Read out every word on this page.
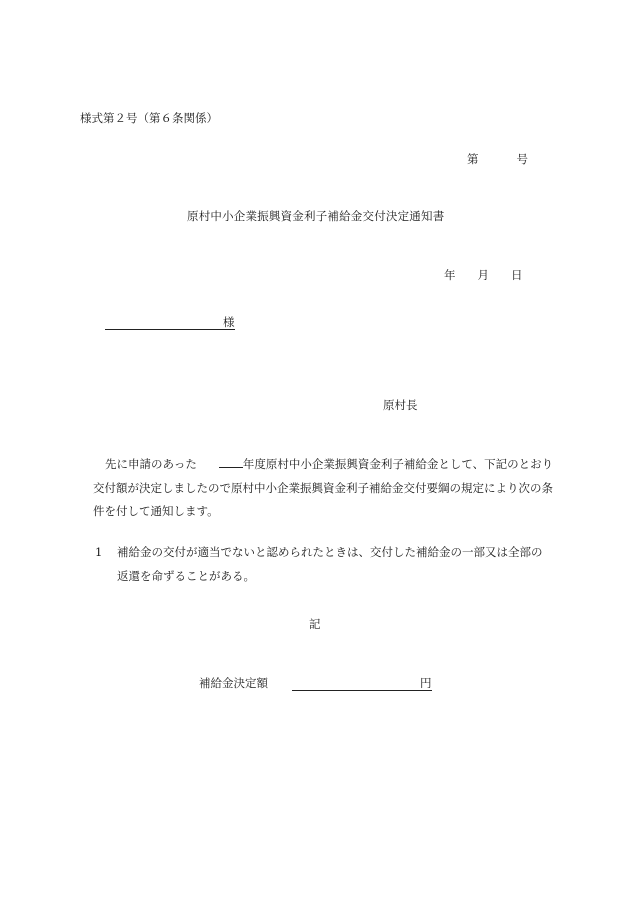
様式第２号（第６条関係）
第	号
原村中小企業振興資金利子補給金交付決定通知書
年 月 日
様
原村長
先に申請のあった	年度原村中小企業振興資金利子補給金として、下記のとおり交付額が決定しましたので原村中小企業振興資金利子補給金交付要綱の規定により次の条件を付して通知します。
1 補給金の交付が適当でないと認められたときは、交付した補給金の一部又は全部の
返還を命ずることがある。
記
補給金決定額	円
